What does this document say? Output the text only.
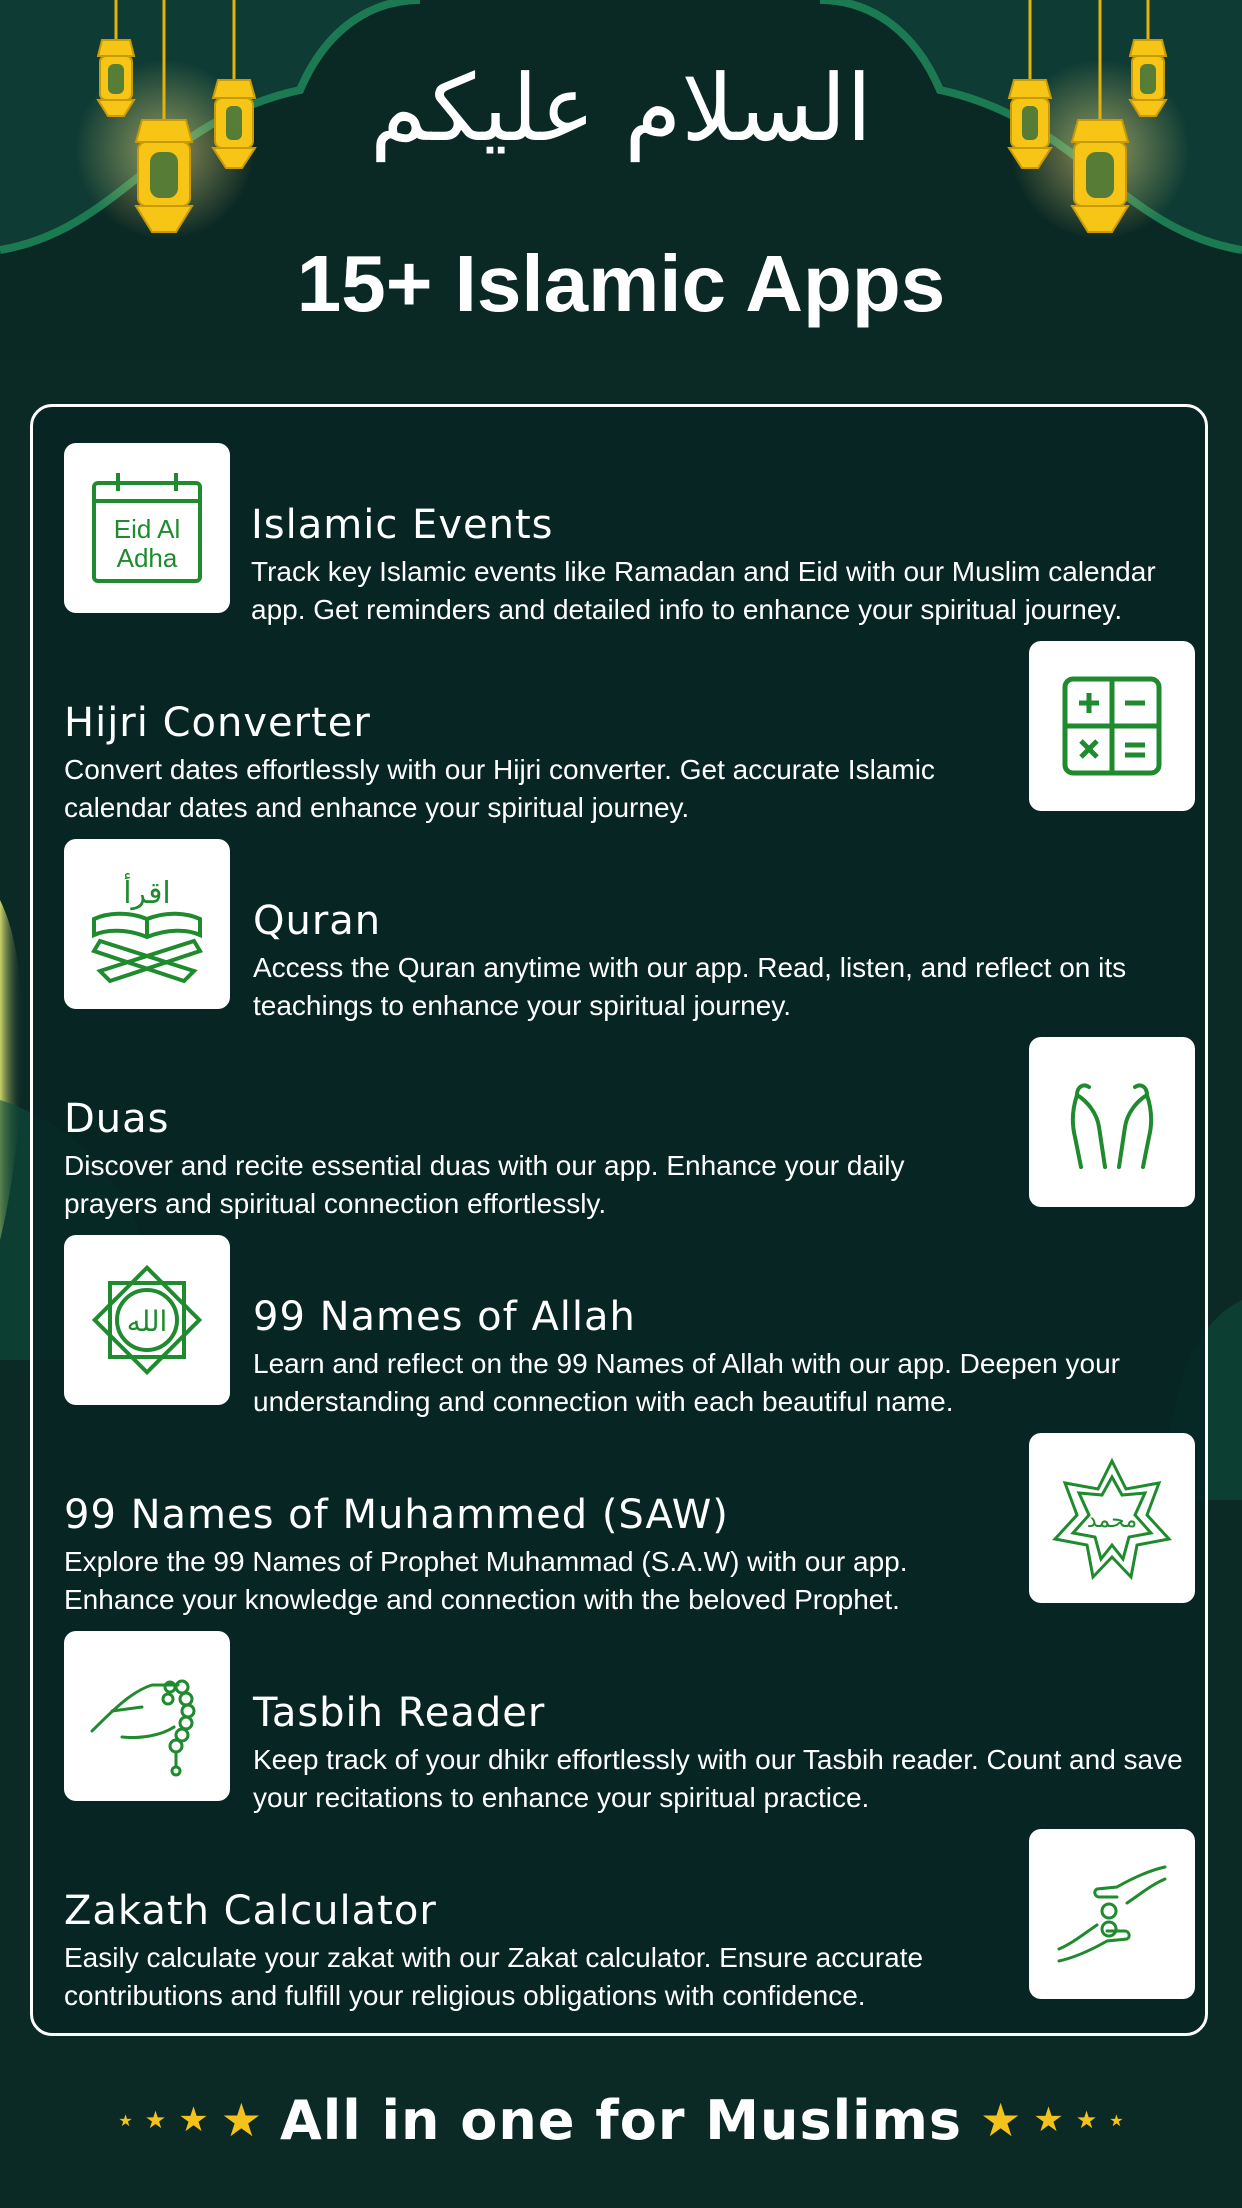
السلام عليكم
15+ Islamic Apps
Eid Al
Adha
Islamic Events
Track key Islamic events like Ramadan and Eid with our Muslim calendar app. Get reminders and detailed info to enhance your spiritual journey.
Hijri Converter
Convert dates effortlessly with our Hijri converter. Get accurate Islamic calendar dates and enhance your spiritual journey.
اقرأ
Quran
Access the Quran anytime with our app. Read, listen, and reflect on its teachings to enhance your spiritual journey.
Duas
Discover and recite essential duas with our app. Enhance your daily prayers and spiritual connection effortlessly.
الله 99 Names of Allah
Learn and reflect on the 99 Names of Allah with our app. Deepen your understanding and connection with each beautiful name.
99 Names of Muhammed (SAW)
Explore the 99 Names of Prophet Muhammad (S.A.W) with our app. Enhance your knowledge and connection with the beloved Prophet.
محمد
Tasbih Reader
Keep track of your dhikr effortlessly with our Tasbih reader. Count and save your recitations to enhance your spiritual practice.
Zakath Calculator
Easily calculate your zakat with our Zakat calculator. Ensure accurate contributions and fulfill your religious obligations with confidence.
★ ★ ★ ★ All in one for Muslims ★ ★ ★ ★
